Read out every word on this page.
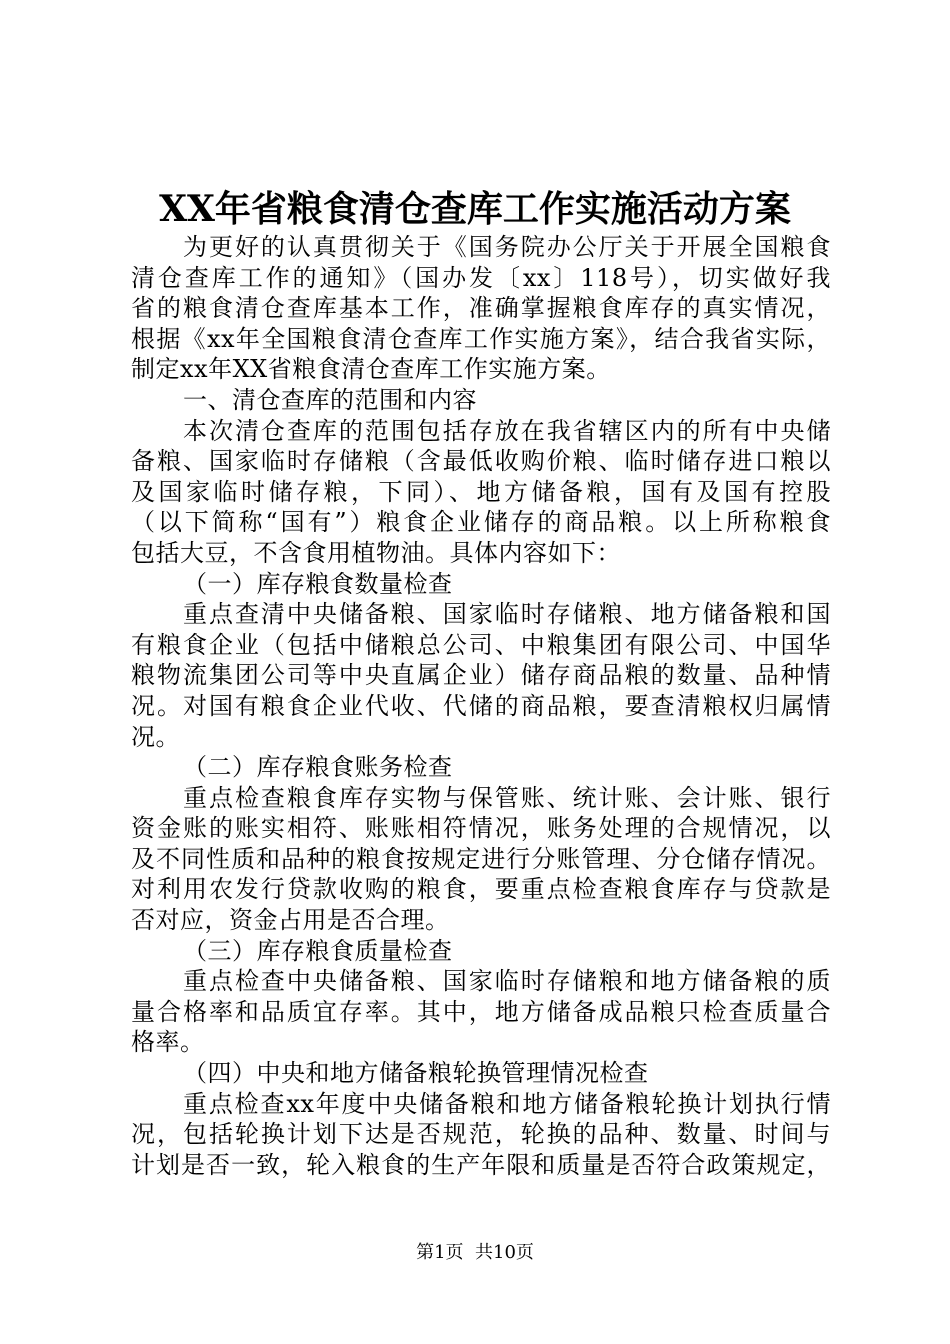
XX年省粮食清仓查库工作实施活动方案
为更好的认真贯彻关于《国务院办公厅关于开展全国粮食
清仓查库工作的通知》（国办发〔xx〕118号），切实做好我
省的粮食清仓查库基本工作，准确掌握粮食库存的真实情况，
根据《xx年全国粮食清仓查库工作实施方案》，结合我省实际，
制定xx年XX省粮食清仓查库工作实施方案。
一、清仓查库的范围和内容
本次清仓查库的范围包括存放在我省辖区内的所有中央储
备粮、国家临时存储粮（含最低收购价粮、临时储存进口粮以
及国家临时储存粮，下同）、地方储备粮，国有及国有控股
（以下简称“国有”）粮食企业储存的商品粮。以上所称粮食
包括大豆，不含食用植物油。具体内容如下：
（一）库存粮食数量检查
重点查清中央储备粮、国家临时存储粮、地方储备粮和国
有粮食企业（包括中储粮总公司、中粮集团有限公司、中国华
粮物流集团公司等中央直属企业）储存商品粮的数量、品种情
况。对国有粮食企业代收、代储的商品粮，要查清粮权归属情
况。
（二）库存粮食账务检查
重点检查粮食库存实物与保管账、统计账、会计账、银行
资金账的账实相符、账账相符情况，账务处理的合规情况，以
及不同性质和品种的粮食按规定进行分账管理、分仓储存情况。
对利用农发行贷款收购的粮食，要重点检查粮食库存与贷款是
否对应，资金占用是否合理。
（三）库存粮食质量检查
重点检查中央储备粮、国家临时存储粮和地方储备粮的质
量合格率和品质宜存率。其中，地方储备成品粮只检查质量合
格率。
（四）中央和地方储备粮轮换管理情况检查
重点检查xx年度中央储备粮和地方储备粮轮换计划执行情
况，包括轮换计划下达是否规范，轮换的品种、数量、时间与
计划是否一致，轮入粮食的生产年限和质量是否符合政策规定，
第1页  共10页
